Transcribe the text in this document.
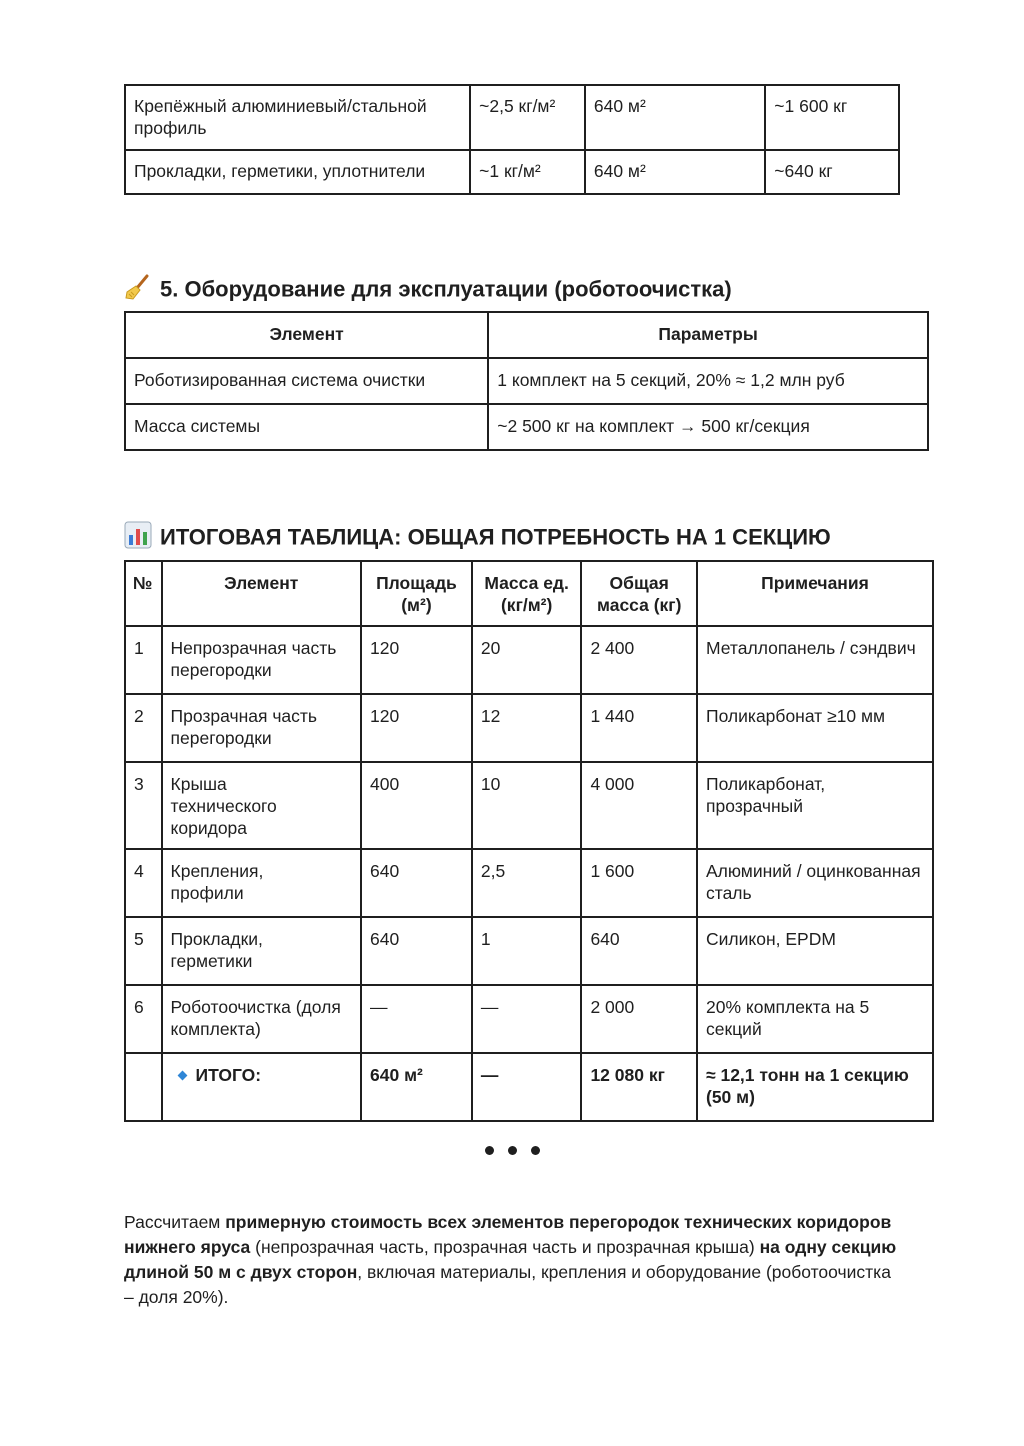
Крепёжный алюминиевый/стальной профиль	~2,5 кг/м²	640 м²	~1 600 кг
Прокладки, герметики, уплотнители	~1 кг/м²	640 м²	~640 кг
5. Оборудование для эксплуатации (роботоочистка)
Элемент	Параметры
Роботизированная система очистки	1 комплект на 5 секций, 20% ≈ 1,2 млн руб
Масса системы	~2 500 кг на комплект → 500 кг/секция
ИТОГОВАЯ ТАБЛИЦА: ОБЩАЯ ПОТРЕБНОСТЬ НА 1 СЕКЦИЮ
№	Элемент	Площадь (м²)	Масса ед. (кг/м²)	Общая масса (кг)	Примечания
1	Непрозрачная часть перегородки	120	20	2 400	Металлопанель / сэндвич
2	Прозрачная часть перегородки	120	12	1 440	Поликарбонат ≥10 мм
3	Крыша технического коридора	400	10	4 000	Поликарбонат, прозрачный
4	Крепления, профили	640	2,5	1 600	Алюминий / оцинкованная сталь
5	Прокладки, герметики	640	1	640	Силикон, EPDM
6	Роботоочистка (доля комплекта)	—	—	2 000	20% комплекта на 5 секций
	ИТОГО:	640 м²	—	12 080 кг	≈ 12,1 тонн на 1 секцию (50 м)

Рассчитаем примерную стоимость всех элементов перегородок технических коридоров нижнего яруса (непрозрачная часть, прозрачная часть и прозрачная крыша) на одну секцию длиной 50 м с двух сторон, включая материалы, крепления и оборудование (роботоочистка – доля 20%).
